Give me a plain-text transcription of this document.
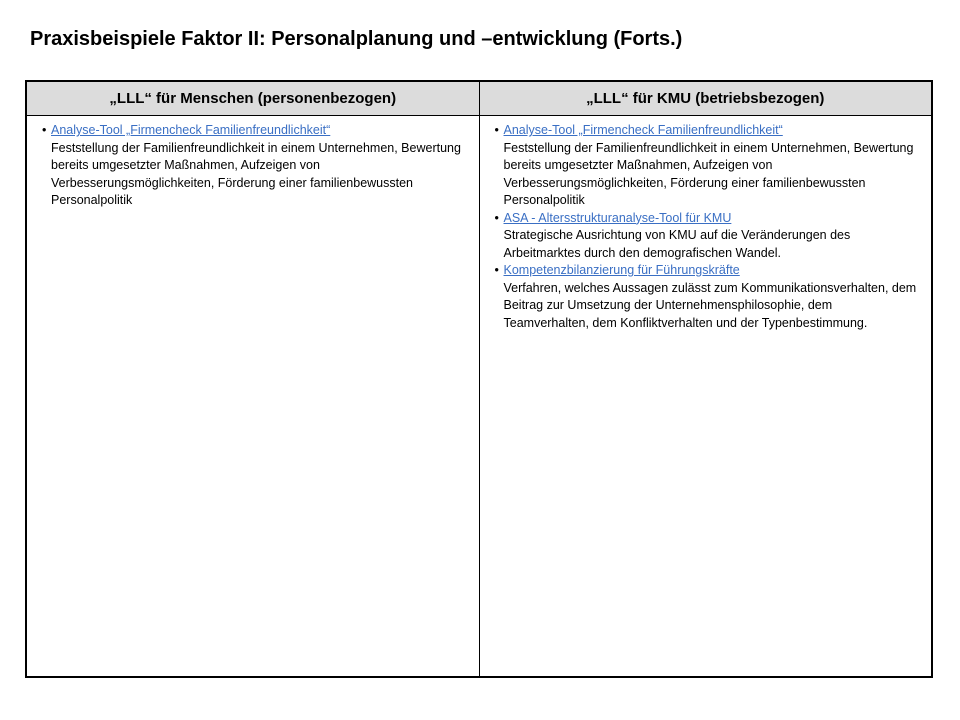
Praxisbeispiele Faktor II: Personalplanung und –entwicklung (Forts.)
„LLL“ für Menschen (personenbezogen)	„LLL“ für KMU (betriebsbezogen)
• Analyse-Tool „Firmencheck Familienfreundlichkeit“
Feststellung der Familienfreundlichkeit in einem Unternehmen, Bewertung bereits umgesetzter Maßnahmen, Aufzeigen von Verbesserungsmöglichkeiten, Förderung einer familienbewussten Personalpolitik
• Analyse-Tool „Firmencheck Familienfreundlichkeit“
Feststellung der Familienfreundlichkeit in einem Unternehmen, Bewertung bereits umgesetzter Maßnahmen, Aufzeigen von Verbesserungsmöglichkeiten, Förderung einer familienbewussten Personalpolitik
• ASA - Altersstrukturanalyse-Tool für KMU
Strategische Ausrichtung von KMU auf die Veränderungen des Arbeitmarktes durch den demografischen Wandel.
• Kompetenzbilanzierung für Führungskräfte
Verfahren, welches Aussagen zulässt zum Kommunikationsverhalten, dem Beitrag zur Umsetzung der Unternehmensphilosophie, dem Teamverhalten, dem Konfliktverhalten und der Typenbestimmung.
